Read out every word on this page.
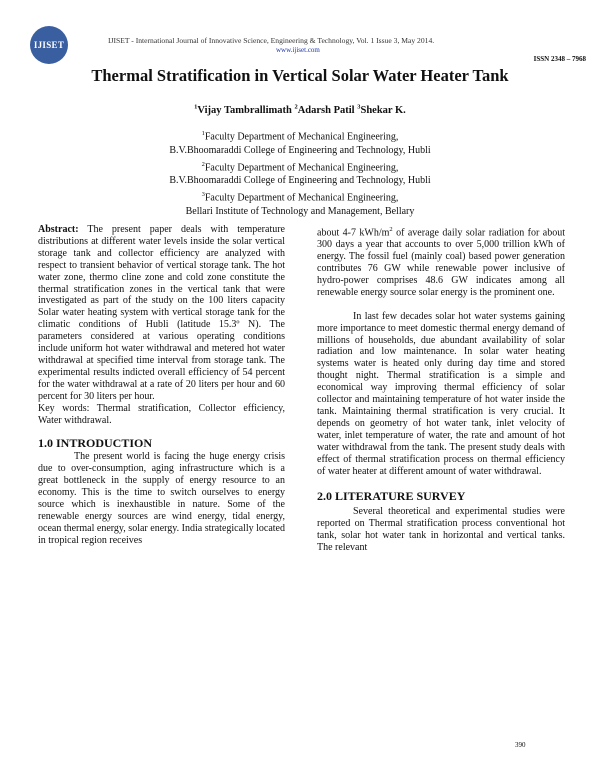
IJISET	IJISET - International Journal of Innovative Science, Engineering & Technology, Vol. 1 Issue 3, May 2014.
www.ijiset.com
ISSN 2348 – 7968
Thermal Stratification in Vertical Solar Water Heater Tank
$^1$Vijay Tambrallimath $^2$Adarsh Patil $^3$Shekar K.
$^1$Faculty Department of Mechanical Engineering,
B.V.Bhoomaraddi College of Engineering and Technology, Hubli
$^2$Faculty Department of Mechanical Engineering,
B.V.Bhoomaraddi College of Engineering and Technology, Hubli
$^3$Faculty Department of Mechanical Engineering,
Bellari Institute of Technology and Management, Bellary

Abstract: The present paper deals with temperature distributions at different water levels inside the solar vertical storage tank and collector efficiency are analyzed with respect to transient behavior of vertical storage tank. The hot water zone, thermo cline zone and cold zone constitute the thermal stratification zones in the vertical tank that were investigated as part of the study on the 100 liters capacity Solar water heating system with vertical storage tank for the climatic conditions of Hubli (latitude 15.3º N). The parameters considered at various operating conditions include uniform hot water withdrawal and metered hot water withdrawal at specified time interval from storage tank. The experimental results indicted overall efficiency of 54 percent for the water withdrawal at a rate of 20 liters per hour and 60 percent for 30 liters per hour.

Key words: Thermal stratification, Collector efficiency, Water withdrawal.

1.0 INTRODUCTION

The present world is facing the huge energy crisis due to over-consumption, aging infrastructure which is a great bottleneck in the supply of energy resource to an economy. This is the time to switch ourselves to energy source which is inexhaustible in nature. Some of the renewable energy sources are wind energy, tidal energy, ocean thermal energy, solar energy. India strategically located in tropical region receives

about 4-7 kWh/$m^2$ of average daily solar radiation for about 300 days a year that accounts to over 5,000 trillion kWh of energy. The fossil fuel (mainly coal) based power generation contributes 76 GW while renewable power inclusive of hydro-power comprises 48.6 GW indicates among all renewable energy source solar energy is the prominent one.

In last few decades solar hot water systems gaining more importance to meet domestic thermal energy demand of millions of households, due abundant availability of solar radiation and low maintenance. In solar water heating systems water is heated only during day time and stored thought night. Thermal stratification is a simple and economical way improving thermal efficiency of solar collector and maintaining temperature of hot water inside the tank. Maintaining thermal stratification is very crucial. It depends on geometry of hot water tank, inlet velocity of water, inlet temperature of water, the rate and amount of hot water withdrawal from the tank. The present study deals with effect of thermal stratification process on thermal efficiency of water heater at different amount of water withdrawal.

2.0 LITERATURE SURVEY

Several theoretical and experimental studies were reported on Thermal stratification process conventional hot tank, solar hot water tank in horizontal and vertical tanks. The relevant

390
